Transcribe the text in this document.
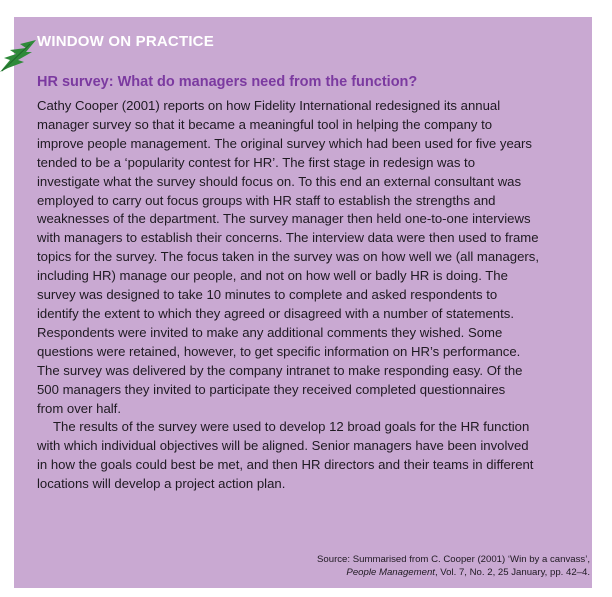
WINDOW ON PRACTICE
HR survey: What do managers need from the function?
Cathy Cooper (2001) reports on how Fidelity International redesigned its annual
manager survey so that it became a meaningful tool in helping the company to
improve people management. The original survey which had been used for five years
tended to be a ‘popularity contest for HR’. The first stage in redesign was to
investigate what the survey should focus on. To this end an external consultant was
employed to carry out focus groups with HR staff to establish the strengths and
weaknesses of the department. The survey manager then held one-to-one interviews
with managers to establish their concerns. The interview data were then used to frame
topics for the survey. The focus taken in the survey was on how well we (all managers,
including HR) manage our people, and not on how well or badly HR is doing. The
survey was designed to take 10 minutes to complete and asked respondents to
identify the extent to which they agreed or disagreed with a number of statements.
Respondents were invited to make any additional comments they wished. Some
questions were retained, however, to get specific information on HR’s performance.
The survey was delivered by the company intranet to make responding easy. Of the
500 managers they invited to participate they received completed questionnaires
from over half.
The results of the survey were used to develop 12 broad goals for the HR function
with which individual objectives will be aligned. Senior managers have been involved
in how the goals could best be met, and then HR directors and their teams in different
locations will develop a project action plan.
Source: Summarised from C. Cooper (2001) ‘Win by a canvass’,
People Management, Vol. 7, No. 2, 25 January, pp. 42–4.
